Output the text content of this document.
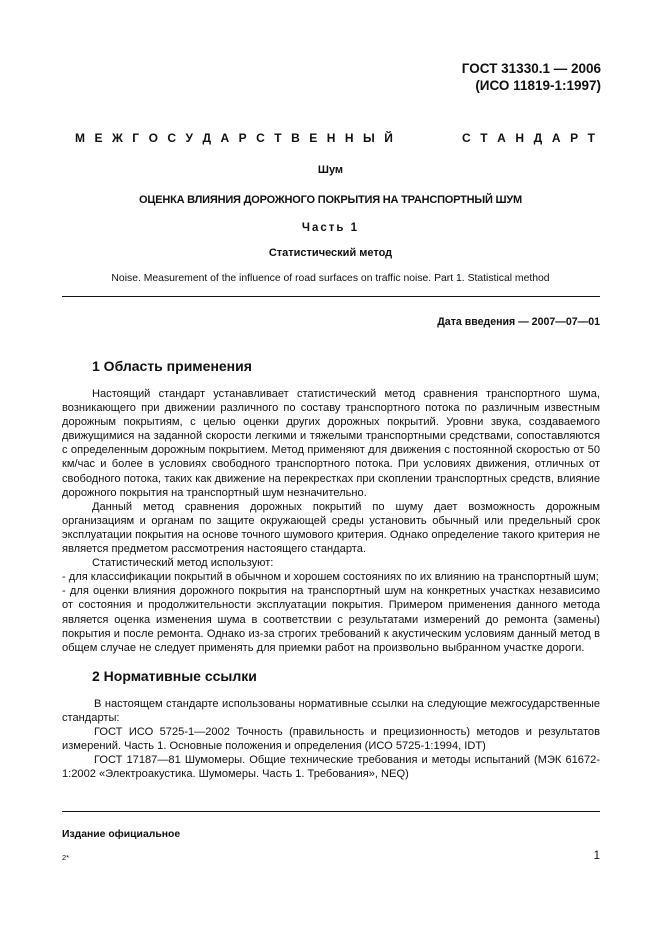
ГОСТ 31330.1 — 2006
(ИСО 11819-1:1997)
М Е Ж Г О С У Д А Р С Т В Е Н Н Ы Й	С Т А Н Д А Р Т
Шум
ОЦЕНКА ВЛИЯНИЯ ДОРОЖНОГО ПОКРЫТИЯ НА ТРАНСПОРТНЫЙ ШУМ
Часть 1
Статистический метод
Noise. Measurement of the influence of road surfaces on traffic noise. Part 1. Statistical method
Дата введения — 2007—07—01
1 Область применения

Настоящий стандарт устанавливает статистический метод сравнения транспортного шума, возникающего при движении различного по составу транспортного потока по различным известным дорожным покрытиям, с целью оценки других дорожных покрытий. Уровни звука, создаваемого движущимися на заданной скорости легкими и тяжелыми транспортными средствами, сопоставляются с определенным дорожным покрытием. Метод применяют для движения с постоянной скоростью от 50 км/час и более в условиях свободного транспортного потока. При условиях движения, отличных от свободного потока, таких как движение на перекрестках при скоплении транспортных средств, влияние дорожного покрытия на транспортный шум незначительно.

Данный метод сравнения дорожных покрытий по шуму дает возможность дорожным организациям и органам по защите окружающей среды установить обычный или предельный срок эксплуатации покрытия на основе точного шумового критерия. Однако определение такого критерия не является предметом рассмотрения настоящего стандарта.

Статистический метод используют:

- для классификации покрытий в обычном и хорошем состояниях по их влиянию на транспортный шум;

- для оценки влияния дорожного покрытия на транспортный шум на конкретных участках независимо от состояния и продолжительности эксплуатации покрытия. Примером применения данного метода является оценка изменения шума в соответствии с результатами измерений до ремонта (замены) покрытия и после ремонта. Однако из-за строгих требований к акустическим условиям данный метод в общем случае не следует применять для приемки работ на произвольно выбранном участке дороги.

2 Нормативные ссылки

В настоящем стандарте использованы нормативные ссылки на следующие межгосударственные стандарты:

ГОСТ ИСО 5725-1—2002 Точность (правильность и прецизионность) методов и результатов измерений. Часть 1. Основные положения и определения (ИСО 5725-1:1994, IDT)

ГОСТ 17187—81 Шумомеры. Общие технические требования и методы испытаний (МЭК 61672-1:2002 «Электроакустика. Шумомеры. Часть 1. Требования», NEQ)

Издание официальное
2*	1
